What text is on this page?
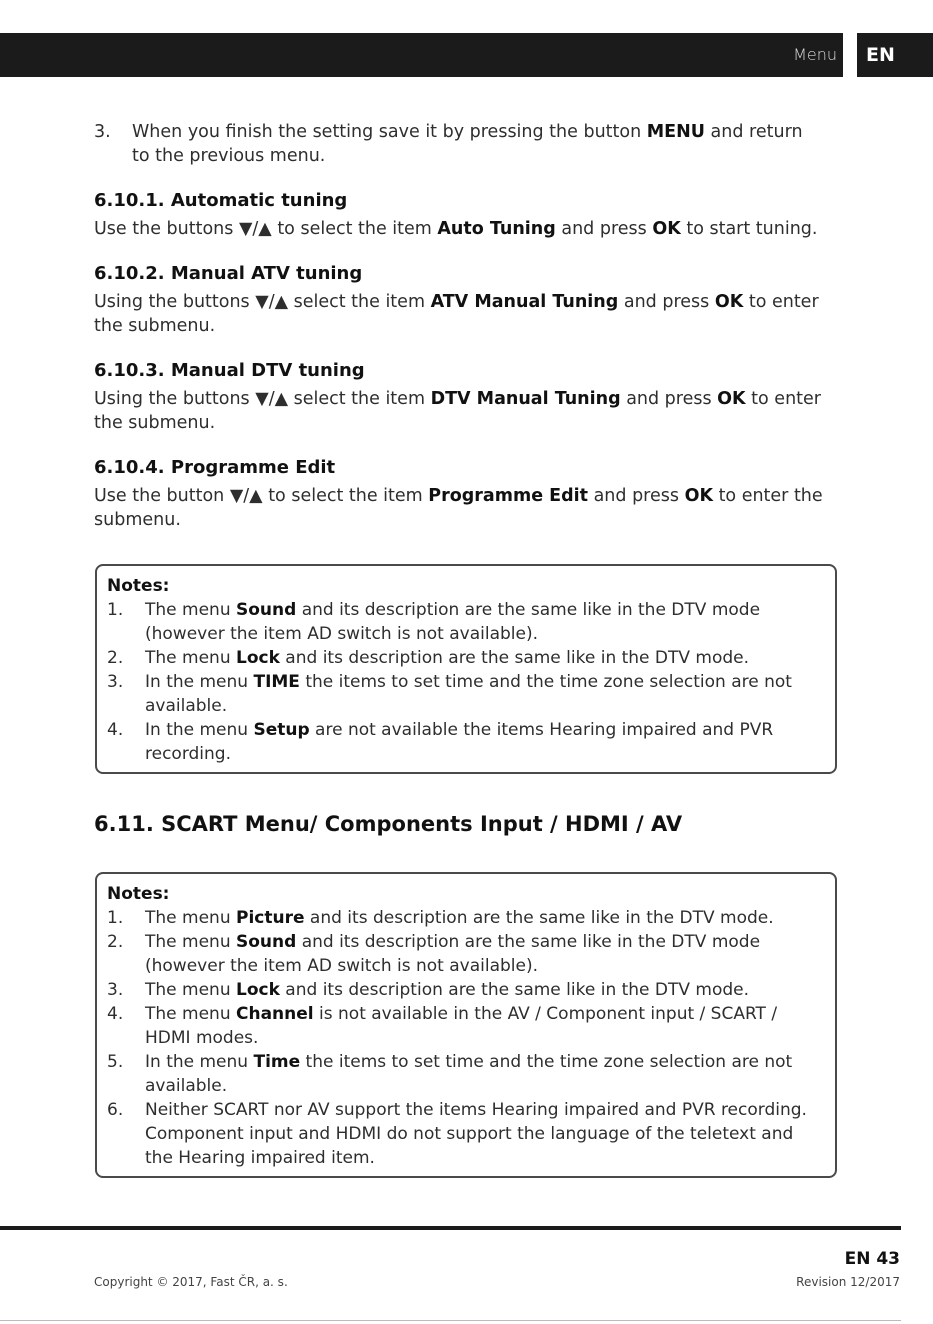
Menu	EN
3. When you finish the setting save it by pressing the button MENU and return to the previous menu.
6.10.1. Automatic tuning

Use the buttons ▼/▲ to select the item Auto Tuning and press OK to start tuning.

6.10.2. Manual ATV tuning

Using the buttons ▼/▲ select the item ATV Manual Tuning and press OK to enter the submenu.

6.10.3. Manual DTV tuning

Using the buttons ▼/▲ select the item DTV Manual Tuning and press OK to enter the submenu.

6.10.4. Programme Edit

Use the button ▼/▲ to select the item Programme Edit and press OK to enter the submenu.

Notes:
1. The menu Sound and its description are the same like in the DTV mode (however the item AD switch is not available).
2. The menu Lock and its description are the same like in the DTV mode.
3. In the menu TIME the items to set time and the time zone selection are not available.
4. In the menu Setup are not available the items Hearing impaired and PVR recording.
6.11. SCART Menu/ Components Input / HDMI / AV
Notes:
1. The menu Picture and its description are the same like in the DTV mode.
2. The menu Sound and its description are the same like in the DTV mode (however the item AD switch is not available).
3. The menu Lock and its description are the same like in the DTV mode.
4. The menu Channel is not available in the AV / Component input / SCART / HDMI modes.
5. In the menu Time the items to set time and the time zone selection are not available.
6. Neither SCART nor AV support the items Hearing impaired and PVR recording. Component input and HDMI do not support the language of the teletext and the Hearing impaired item.
EN 43
Copyright © 2017, Fast ČR, a. s.	Revision 12/2017
